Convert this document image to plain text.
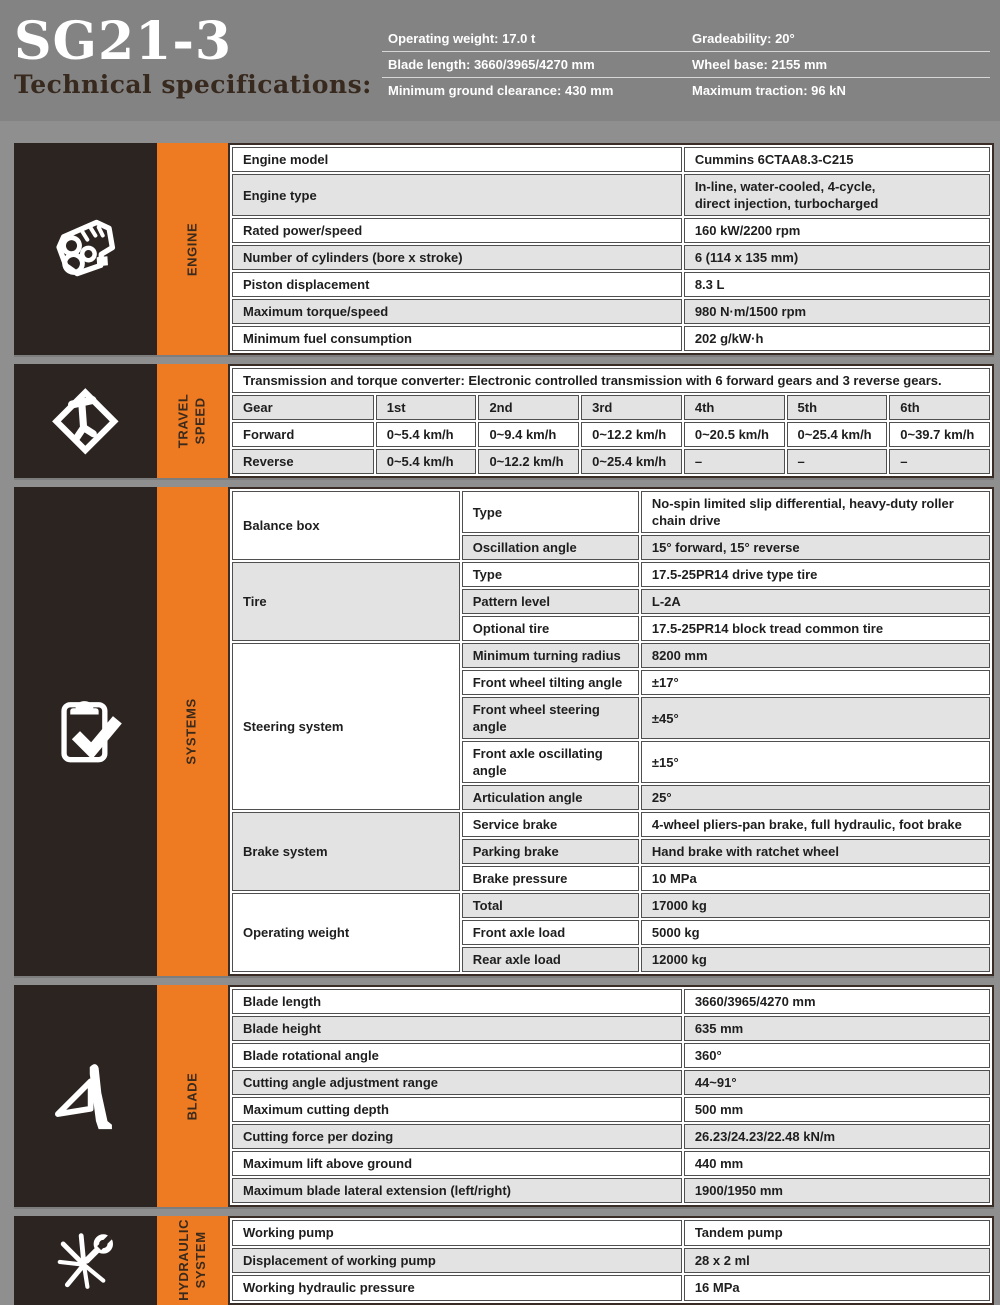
SG21-3
Technical specifications:
Operating weight: 17.0 t	Gradeability: 20°
Blade length: 3660/3965/4270 mm	Wheel base: 2155 mm
Minimum ground clearance: 430 mm	Maximum traction: 96 kN
ENGINE
Engine model	Cummins 6CTAA8.3-C215
Engine type	In-line, water-cooled, 4-cycle,
direct injection, turbocharged
Rated power/speed	160 kW/2200 rpm
Number of cylinders (bore x stroke)	6 (114 x 135 mm)
Piston displacement	8.3 L
Maximum torque/speed	980 N·m/1500 rpm
Minimum fuel consumption	202 g/kW·h
TRAVEL
SPEED
Transmission and torque converter: Electronic controlled transmission with 6 forward gears and 3 reverse gears.						
Gear	1st	2nd	3rd	4th	5th	6th
Forward	0~5.4 km/h	0~9.4 km/h	0~12.2 km/h	0~20.5 km/h	0~25.4 km/h	0~39.7 km/h
Reverse	0~5.4 km/h	0~12.2 km/h	0~25.4 km/h	–	–	–
SYSTEMS
Balance box	Type	No-spin limited slip differential, heavy-duty roller chain drive
	Oscillation angle	15° forward, 15° reverse
Tire	Type	17.5-25PR14 drive type tire
	Pattern level	L-2A
	Optional tire	17.5-25PR14 block tread common tire
Steering system	Minimum turning radius	8200 mm
	Front wheel tilting angle	±17°
	Front wheel steering angle	±45°
	Front axle oscillating angle	±15°
	Articulation angle	25°
Brake system	Service brake	4-wheel pliers-pan brake, full hydraulic, foot brake
	Parking brake	Hand brake with ratchet wheel
	Brake pressure	10 MPa
Operating weight	Total	17000 kg
	Front axle load	5000 kg
	Rear axle load	12000 kg
BLADE
Blade length	3660/3965/4270 mm
Blade height	635 mm
Blade rotational angle	360°
Cutting angle adjustment range	44~91°
Maximum cutting depth	500 mm
Cutting force per dozing	26.23/24.23/22.48 kN/m
Maximum lift above ground	440 mm
Maximum blade lateral extension (left/right)	1900/1950 mm
HYDRAULIC
SYSTEM	Working pump	Tandem pump
Displacement of working pump	28 x 2 ml
Working hydraulic pressure	16 MPa
